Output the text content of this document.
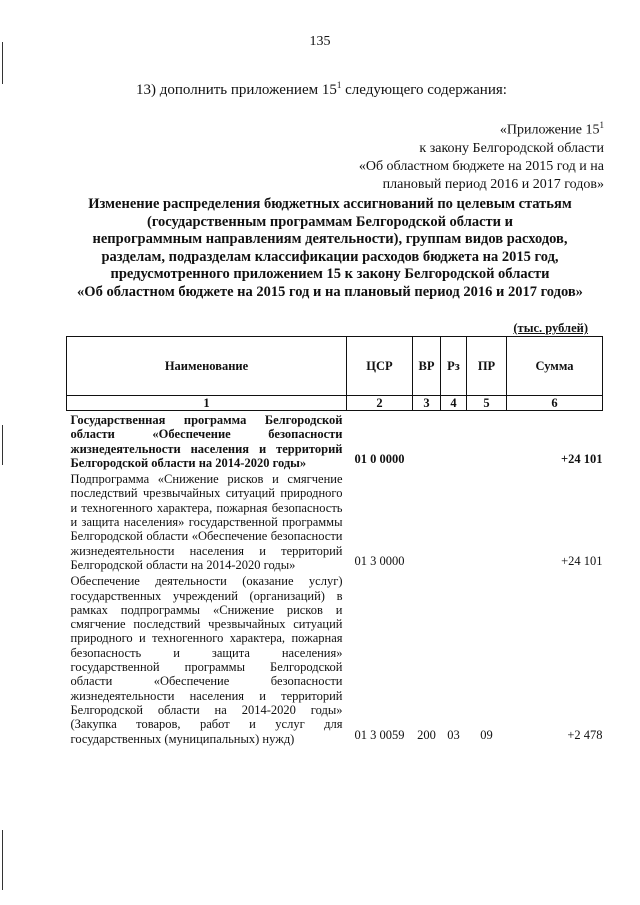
135
13) дополнить приложением $15^1$ следующего содержания:
«Приложение $15^1$
к закону Белгородской области
«Об областном бюджете на 2015 год и на
плановый период 2016 и 2017 годов»
Изменение распределения бюджетных ассигнований по целевым статьям
(государственным программам Белгородской области и
непрограммным направлениям деятельности), группам видов расходов,
разделам, подразделам классификации расходов бюджета на 2015 год,
предусмотренного приложением 15 к закону Белгородской области
«Об областном бюджете на 2015 год и на плановый период 2016 и 2017 годов»
(тыс. рублей)
Наименование	ЦСР	ВР	Рз	ПР	Сумма
1	2	3	4	5	6

Государственная программа Белгородской области «Обеспечение безопасности жизнедеятельности населения и территорий Белгородской области на 2014-2020 годы»	01 0 0000				+24 101

Подпрограмма «Снижение рисков и смягчение последствий чрезвычайных ситуаций природного и техногенного характера, пожарная безопасность и защита населения» государственной программы Белгородской области «Обеспечение безопасности жизнедеятельности населения и территорий Белгородской области на 2014-2020 годы»	01 3 0000				+24 101

Обеспечение деятельности (оказание услуг) государственных учреждений (организаций) в рамках подпрограммы «Снижение рисков и смягчение последствий чрезвычайных ситуаций природного и техногенного характера, пожарная безопасность и защита населения» государственной программы Белгородской области «Обеспечение безопасности жизнедеятельности населения и территорий Белгородской области на 2014-2020 годы» (Закупка товаров, работ и услуг для государственных (муниципальных) нужд)	01 3 0059	200	03	09	+2 478
